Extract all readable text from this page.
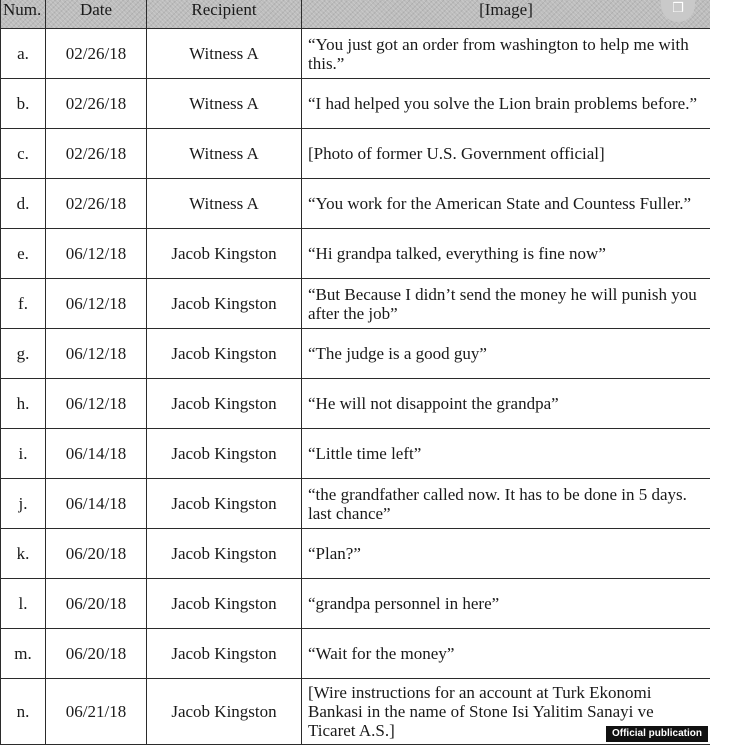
Num.	Date	Recipient	[Image]
a.	02/26/18	Witness A	“You just got an order from washington to help me with this.”
b.	02/26/18	Witness A	“I had helped you solve the Lion brain problems before.”
c.	02/26/18	Witness A	[Photo of former U.S. Government official]
d.	02/26/18	Witness A	“You work for the American State and Countess Fuller.”
e.	06/12/18	Jacob Kingston	“Hi grandpa talked, everything is fine now”
f.	06/12/18	Jacob Kingston	“But Because I didn’t send the money he will punish you after the job”
g.	06/12/18	Jacob Kingston	“The judge is a good guy”
h.	06/12/18	Jacob Kingston	“He will not disappoint the grandpa”
i.	06/14/18	Jacob Kingston	“Little time left”
j.	06/14/18	Jacob Kingston	“the grandfather called now. It has to be done in 5 days. last chance”
k.	06/20/18	Jacob Kingston	“Plan?”
l.	06/20/18	Jacob Kingston	“grandpa personnel in here”
m.	06/20/18	Jacob Kingston	“Wait for the money”
n.	06/21/18	Jacob Kingston	[Wire instructions for an account at Turk Ekonomi Bankasi in the name of Stone Isi Yalitim Sanayi ve Ticaret A.S.]
❒
Official publication
